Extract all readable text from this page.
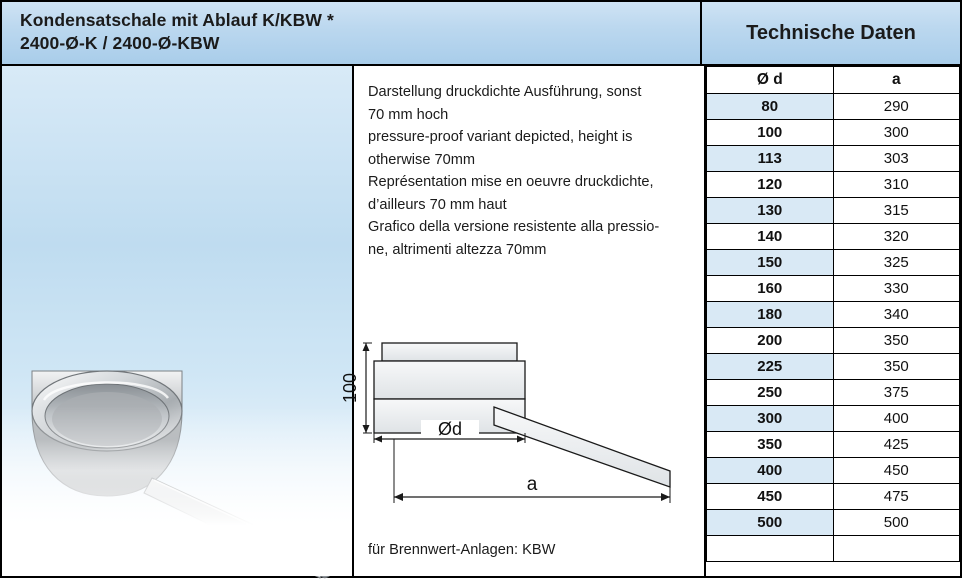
Kondensatschale mit Ablauf K/KBW *
2400-Ø-K / 2400-Ø-KBW	Technische Daten

Darstellung druckdichte Ausführung, sonst

70 mm hoch

pressure-proof variant depicted, height is

otherwise 70mm

Représentation mise en oeuvre druckdichte,

d’ailleurs 70 mm haut

Grafico della versione resistente alla pressio-

ne, altrimenti altezza 70mm

100
Ød
a
für Brennwert-Anlagen: KBW
Ø d	a
80	290
100	300
113	303
120	310
130	315
140	320
150	325
160	330
180	340
200	350
225	350
250	375
300	400
350	425
400	450
450	475
500	500
